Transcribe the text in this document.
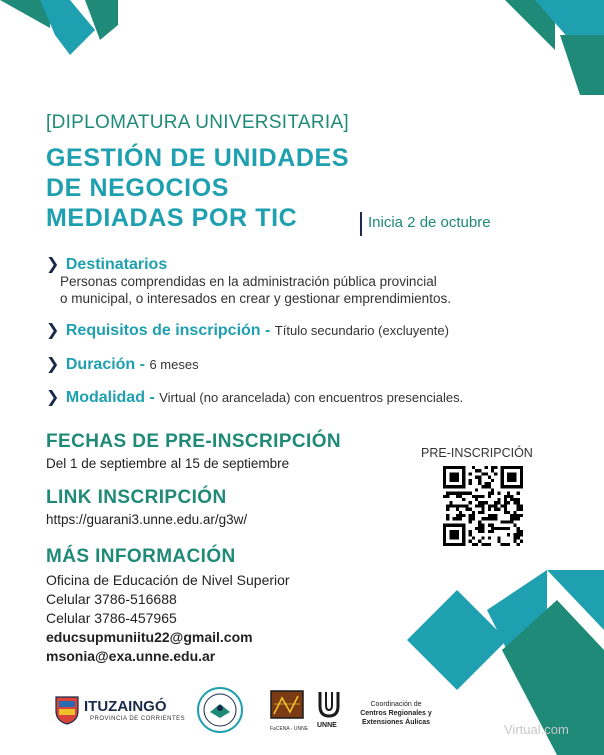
[DIPLOMATURA UNIVERSITARIA]
GESTIÓN DE UNIDADES
DE NEGOCIOS
MEDIADAS POR TIC	Inicia 2 de octubre
❯ Destinatarios
Personas comprendidas en la administración pública provincial
o municipal, o interesados en crear y gestionar emprendimientos.
❯ Requisitos de inscripción - Título secundario (excluyente)
❯ Duración - 6 meses
❯ Modalidad - Virtual (no arancelada) con encuentros presenciales.
FECHAS DE PRE-INSCRIPCIÓN
Del 1 de septiembre al 15 de septiembre
LINK INSCRIPCIÓN
https://guarani3.unne.edu.ar/g3w/
MÁS INFORMACIÓN
Oficina de Educación de Nivel Superior
Celular 3786-516688
Celular 3786-457965
educsupmuniitu22@gmail.com
msonia@exa.unne.edu.ar
PRE-INSCRIPCIÓN
ITUZAINGÓ
PROVINCIA DE CORRIENTES
FaCENA - UNNE UNNE
Coordinación de
Centros Regionales y
Extensiones Áulicas	Virtual.com
